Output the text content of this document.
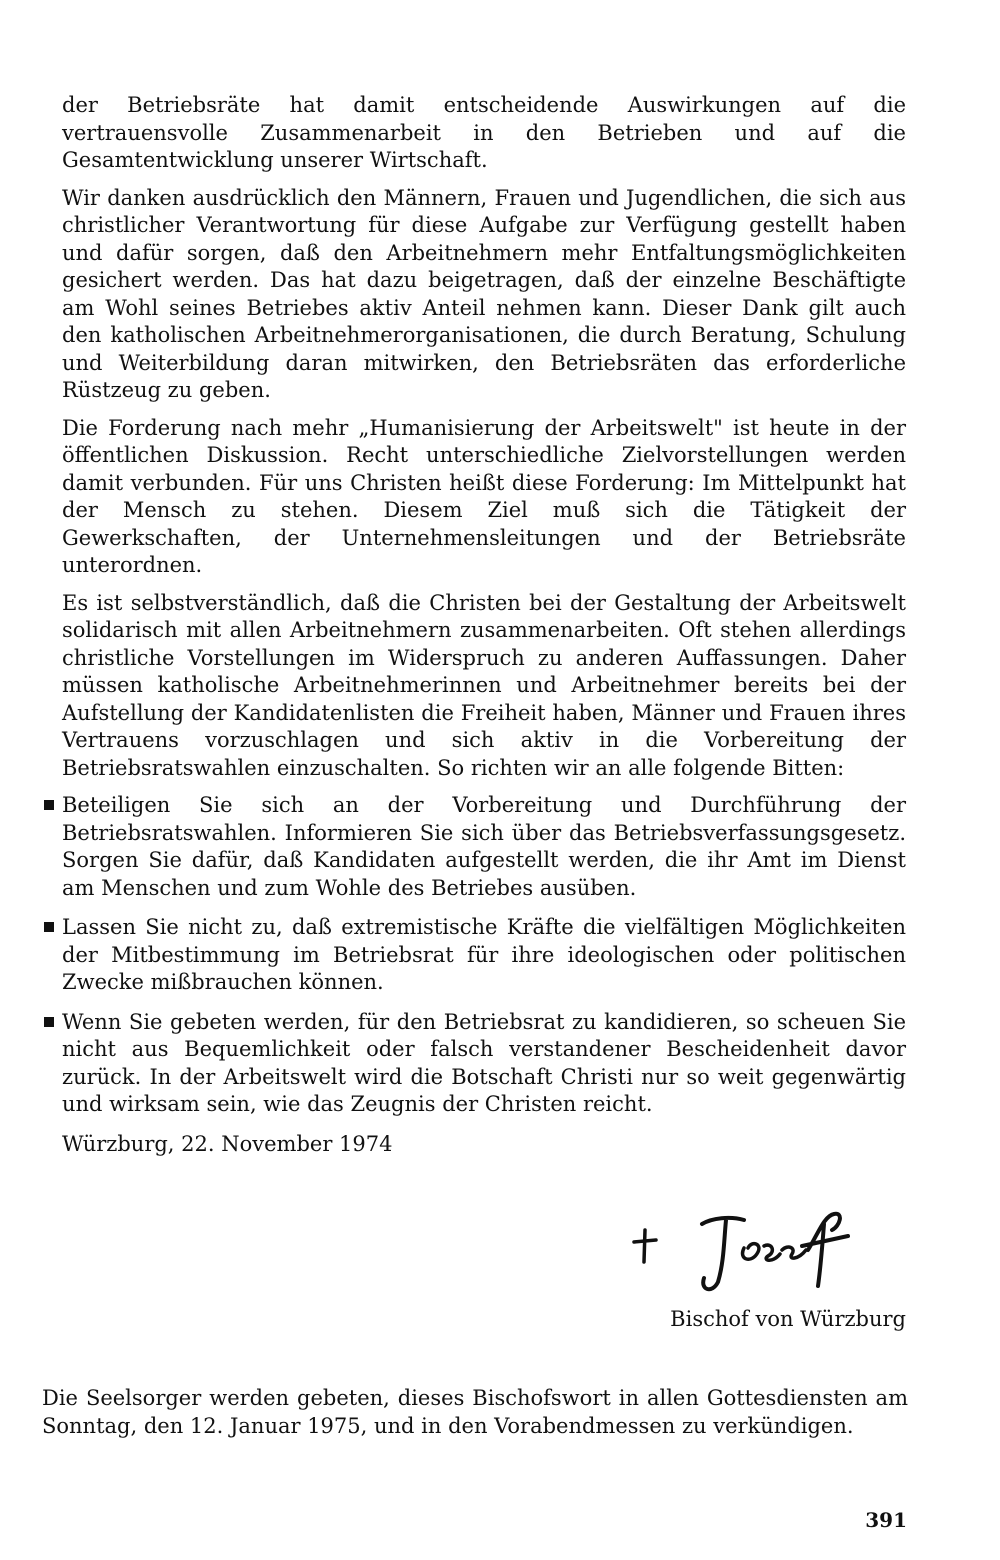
der Betriebsräte hat damit entscheidende Auswirkungen auf die vertrauensvolle Zusammenarbeit in den Betrieben und auf die Gesamtentwicklung unserer Wirtschaft.

Wir danken ausdrücklich den Männern, Frauen und Jugendlichen, die sich aus christlicher Verantwortung für diese Aufgabe zur Verfügung gestellt haben und dafür sorgen, daß den Arbeitnehmern mehr Entfaltungsmöglichkeiten gesichert werden. Das hat dazu beigetragen, daß der einzelne Beschäftigte am Wohl seines Betriebes aktiv Anteil nehmen kann. Dieser Dank gilt auch den katholischen Arbeitnehmerorganisationen, die durch Beratung, Schulung und Weiterbildung daran mitwirken, den Betriebsräten das erforderliche Rüstzeug zu geben.

Die Forderung nach mehr „Humanisierung der Arbeitswelt" ist heute in der öffentlichen Diskussion. Recht unterschiedliche Zielvorstellungen werden damit verbunden. Für uns Christen heißt diese Forderung: Im Mittelpunkt hat der Mensch zu stehen. Diesem Ziel muß sich die Tätigkeit der Gewerkschaften, der Unternehmensleitungen und der Betriebsräte unterordnen.

Es ist selbstverständlich, daß die Christen bei der Gestaltung der Arbeitswelt solidarisch mit allen Arbeitnehmern zusammenarbeiten. Oft stehen allerdings christliche Vorstellungen im Widerspruch zu anderen Auffassungen. Daher müssen katholische Arbeitnehmerinnen und Arbeitnehmer bereits bei der Aufstellung der Kandidatenlisten die Freiheit haben, Männer und Frauen ihres Vertrauens vorzuschlagen und sich aktiv in die Vorbereitung der Betriebsratswahlen einzuschalten. So richten wir an alle folgende Bitten:

Beteiligen Sie sich an der Vorbereitung und Durchführung der Betriebsratswahlen. Informieren Sie sich über das Betriebsverfassungsgesetz. Sorgen Sie dafür, daß Kandidaten aufgestellt werden, die ihr Amt im Dienst am Menschen und zum Wohle des Betriebes ausüben.
Lassen Sie nicht zu, daß extremistische Kräfte die vielfältigen Möglichkeiten der Mitbestimmung im Betriebsrat für ihre ideologischen oder politischen Zwecke mißbrauchen können.
Wenn Sie gebeten werden, für den Betriebsrat zu kandidieren, so scheuen Sie nicht aus Bequemlichkeit oder falsch verstandener Bescheidenheit davor zurück. In der Arbeitswelt wird die Botschaft Christi nur so weit gegenwärtig und wirksam sein, wie das Zeugnis der Christen reicht.

Würzburg, 22. November 1974

Bischof von Würzburg

Die Seelsorger werden gebeten, dieses Bischofswort in allen Gottesdiensten am Sonntag, den 12. Januar 1975, und in den Vorabendmessen zu verkündigen.

391
